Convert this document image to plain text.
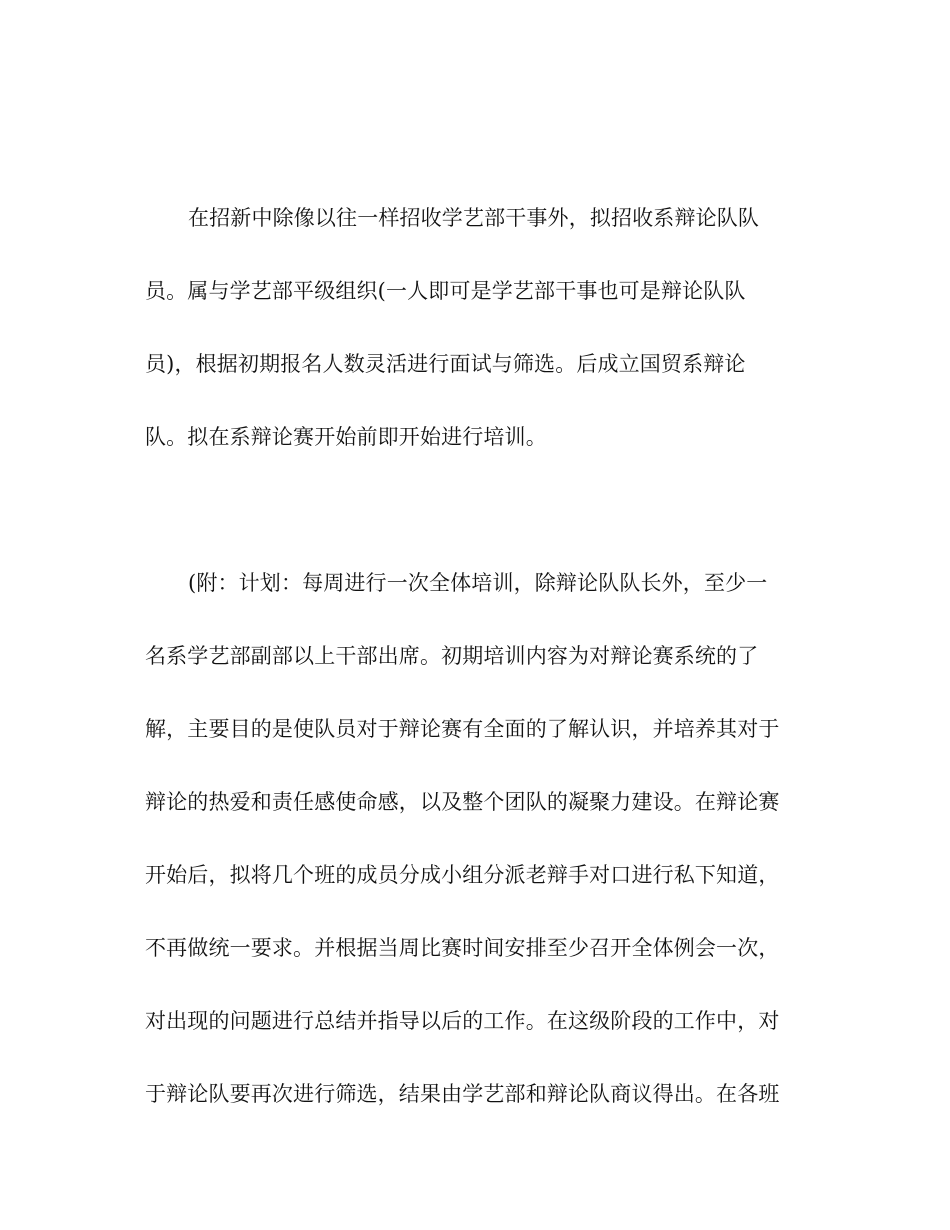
在招新中除像以往一样招收学艺部干事外，拟招收系辩论队队
员。属与学艺部平级组织(一人即可是学艺部干事也可是辩论队队
员)，根据初期报名人数灵活进行面试与筛选。后成立国贸系辩论
队。拟在系辩论赛开始前即开始进行培训。
(附：计划：每周进行一次全体培训，除辩论队队长外，至少一
名系学艺部副部以上干部出席。初期培训内容为对辩论赛系统的了
解，主要目的是使队员对于辩论赛有全面的了解认识，并培养其对于
辩论的热爱和责任感使命感，以及整个团队的凝聚力建设。在辩论赛
开始后，拟将几个班的成员分成小组分派老辩手对口进行私下知道，
不再做统一要求。并根据当周比赛时间安排至少召开全体例会一次，
对出现的问题进行总结并指导以后的工作。在这级阶段的工作中，对
于辩论队要再次进行筛选，结果由学艺部和辩论队商议得出。在各班
